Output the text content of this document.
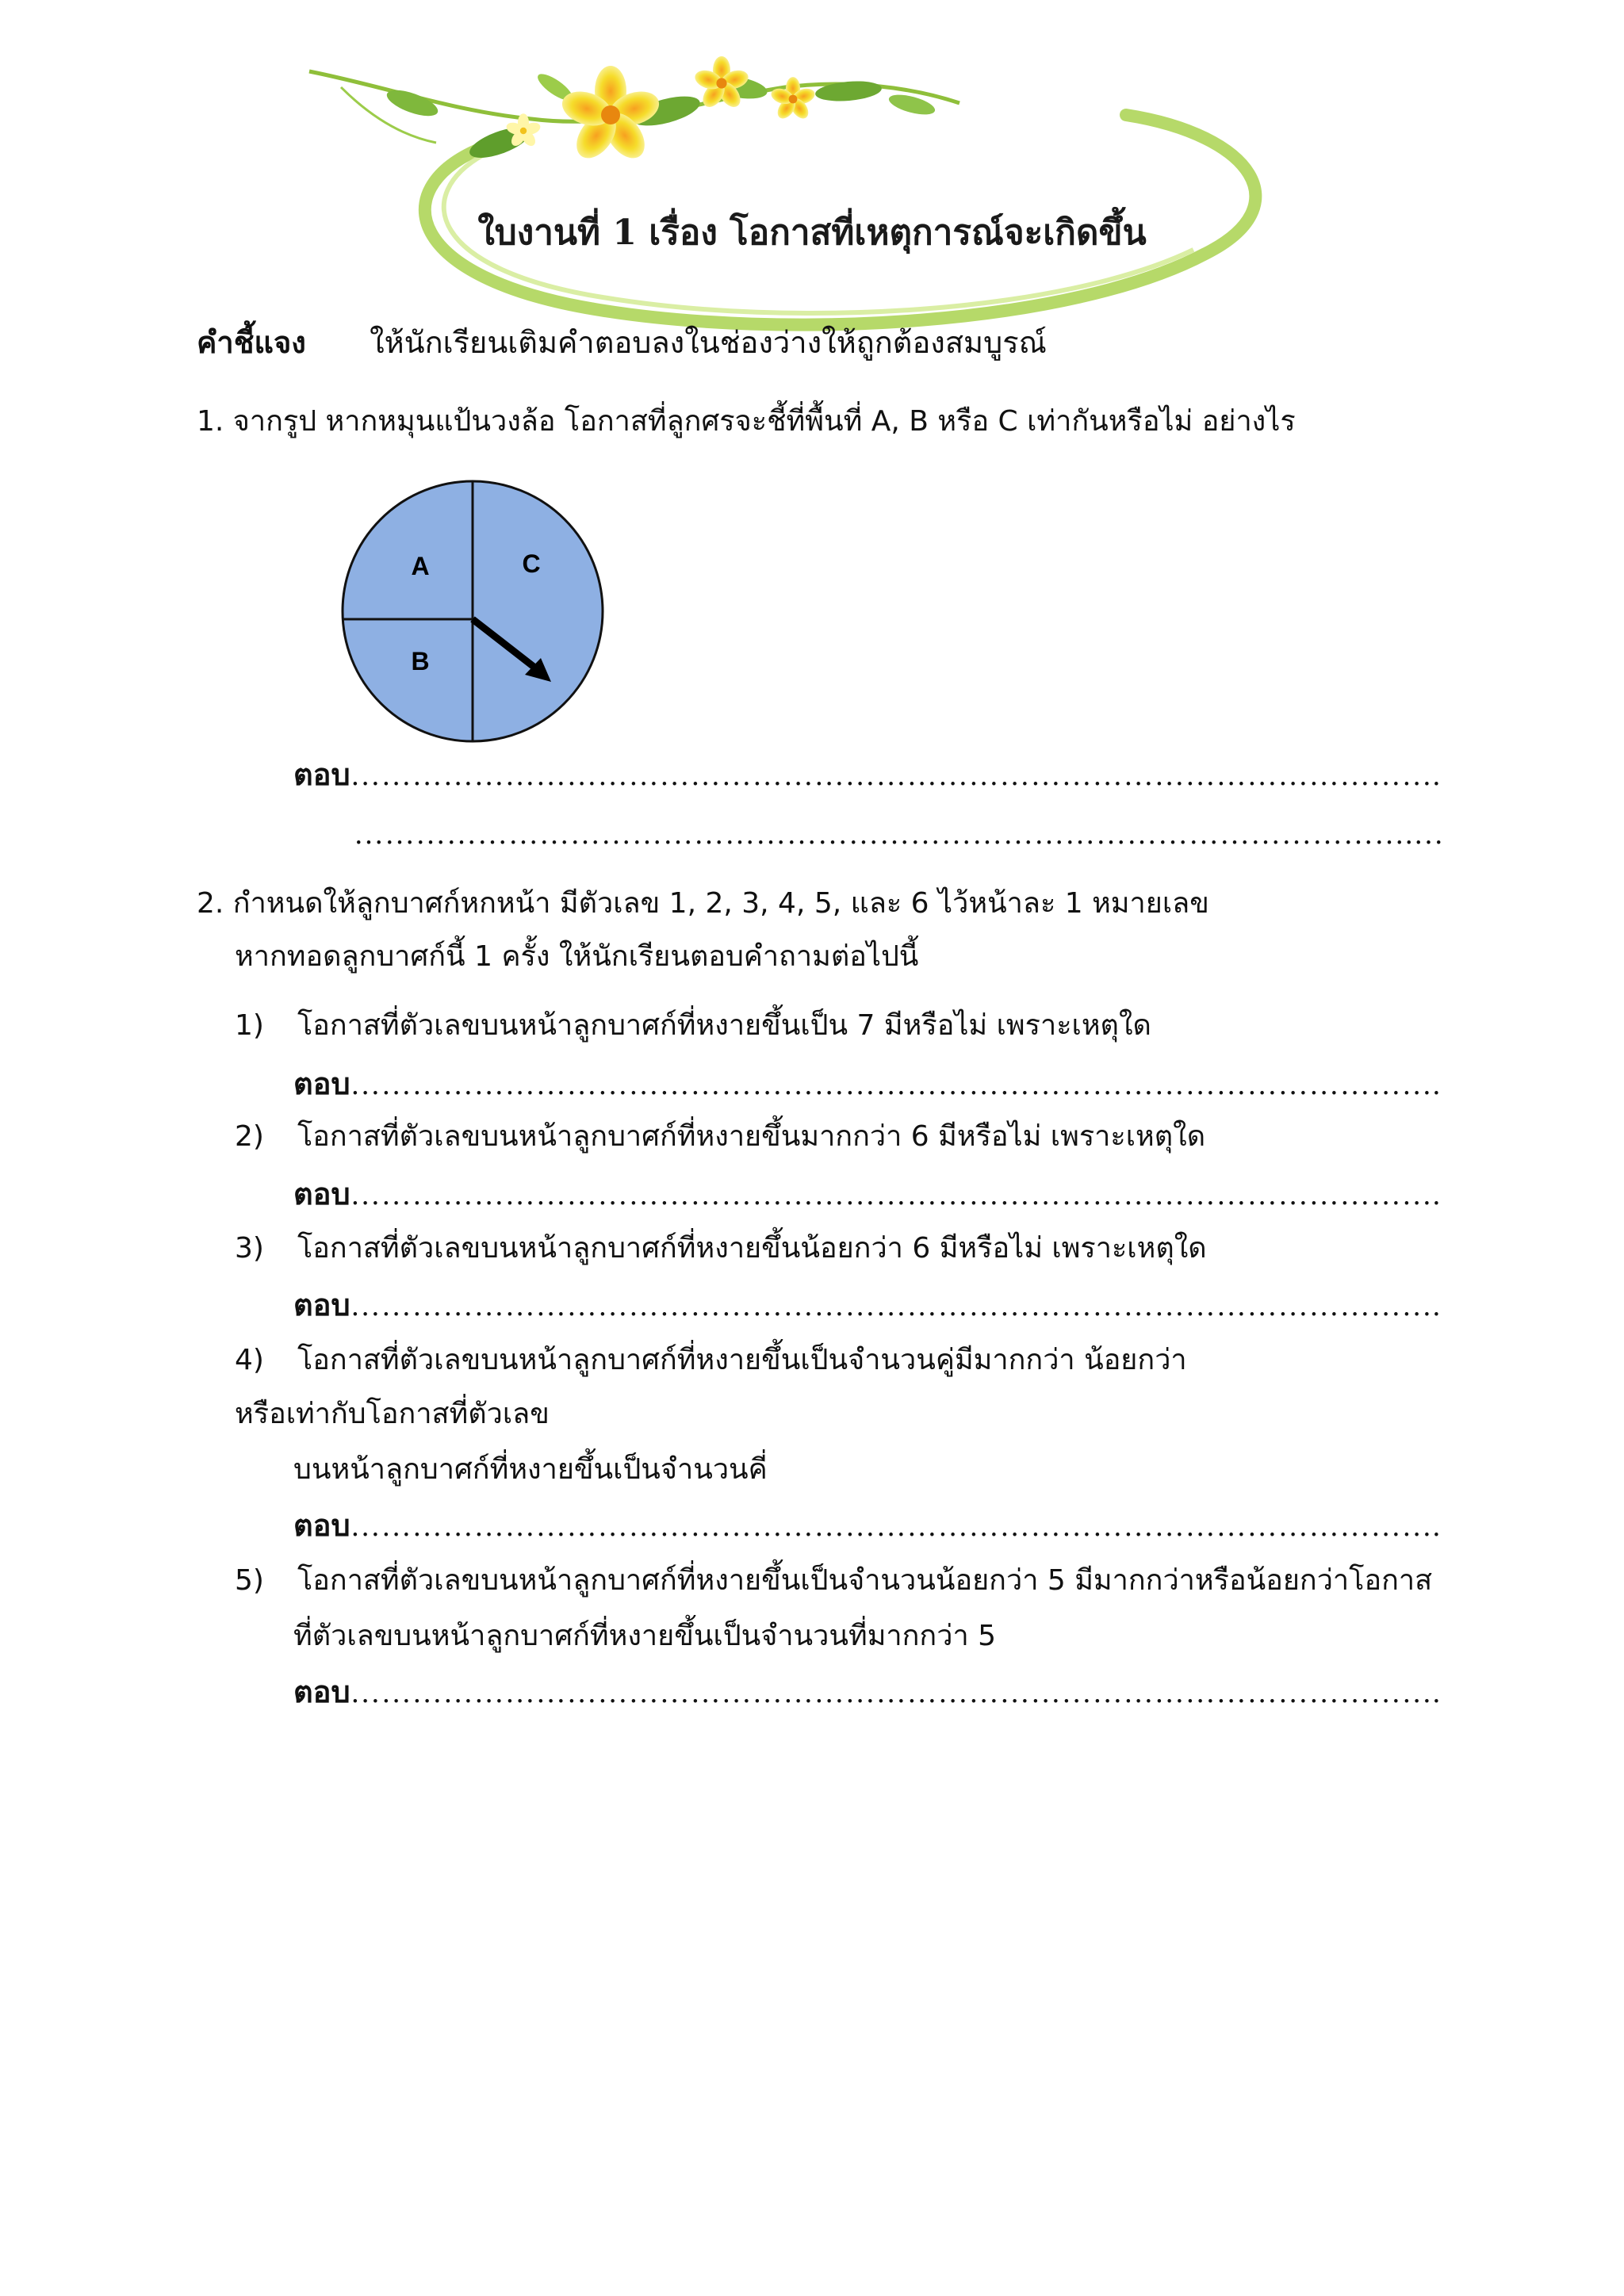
ใบงานที่ 1 เรื่อง โอกาสที่เหตุการณ์จะเกิดขึ้น
คำชี้แจง ให้นักเรียนเติมคำตอบลงในช่องว่างให้ถูกต้องสมบูรณ์
1. จากรูป หากหมุนแป้นวงล้อ โอกาสที่ลูกศรจะชี้ที่พื้นที่ A, B หรือ C เท่ากันหรือไม่ อย่างไร
A	C
B
ตอบ…………………………………………………………………………………………….
………………………………………………………………………………………….…
2. กำหนดให้ลูกบาศก์หกหน้า มีตัวเลข 1, 2, 3, 4, 5, และ 6 ไว้หน้าละ 1 หมายเลข
หากทอดลูกบาศก์นี้ 1 ครั้ง ให้นักเรียนตอบคำถามต่อไปนี้
1) โอกาสที่ตัวเลขบนหน้าลูกบาศก์ที่หงายขึ้นเป็น 7 มีหรือไม่ เพราะเหตุใด
ตอบ…………………………………………………………………………………………….
2) โอกาสที่ตัวเลขบนหน้าลูกบาศก์ที่หงายขึ้นมากกว่า 6 มีหรือไม่ เพราะเหตุใด
ตอบ…………………………………………………………………………………………….
3) โอกาสที่ตัวเลขบนหน้าลูกบาศก์ที่หงายขึ้นน้อยกว่า 6 มีหรือไม่ เพราะเหตุใด
ตอบ…………………………………………………………………………………………….
4) โอกาสที่ตัวเลขบนหน้าลูกบาศก์ที่หงายขึ้นเป็นจำนวนคู่มีมากกว่า น้อยกว่า
หรือเท่ากับโอกาสที่ตัวเลข
บนหน้าลูกบาศก์ที่หงายขึ้นเป็นจำนวนคี่
ตอบ…………………………………………………………………………………………….
5) โอกาสที่ตัวเลขบนหน้าลูกบาศก์ที่หงายขึ้นเป็นจำนวนน้อยกว่า 5 มีมากกว่าหรือน้อยกว่าโอกาส
ที่ตัวเลขบนหน้าลูกบาศก์ที่หงายขึ้นเป็นจำนวนที่มากกว่า 5
ตอบ…………………………………………………………………………………………….
